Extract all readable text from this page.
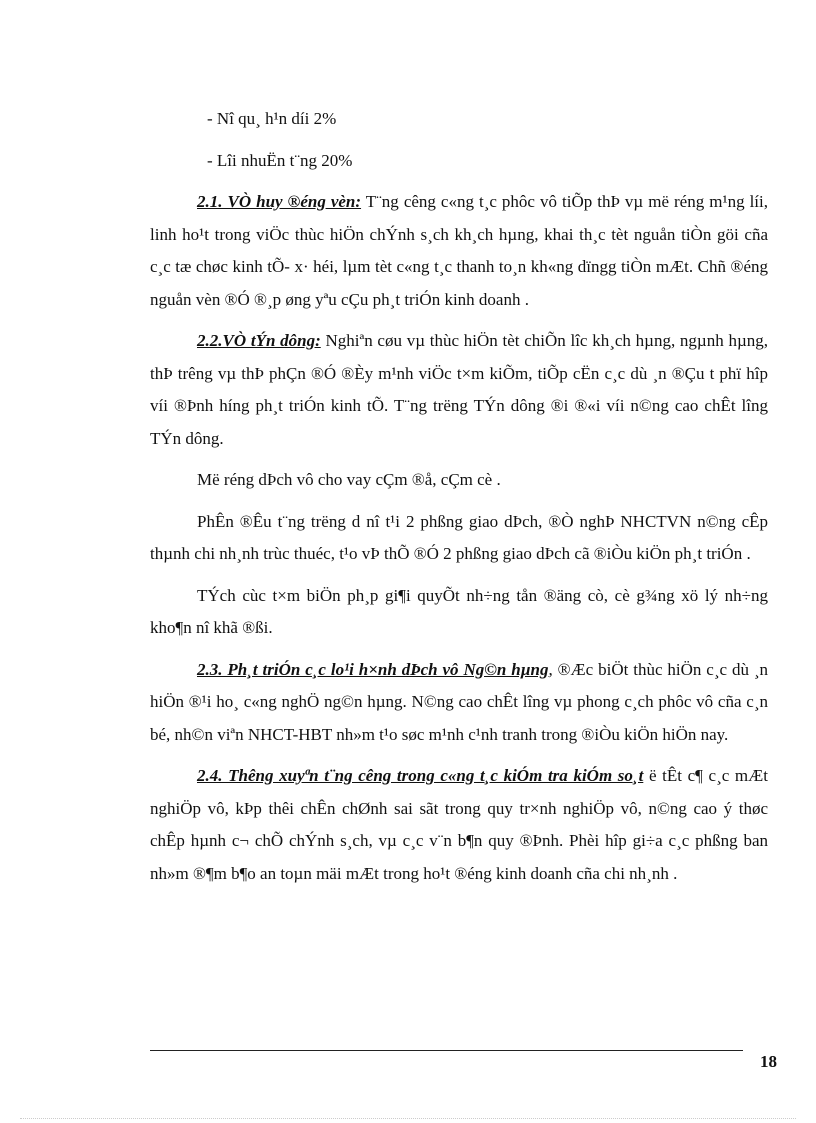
- Nî qu¸ h¹n díi 2%

- Lîi nhuËn t¨ng 20%

2.1. VÒ huy ®éng vèn: T¨ng cêng c«ng t¸c phôc vô tiÕp thÞ vµ më réng m¹ng líi, linh ho¹t trong viÖc thùc hiÖn chÝnh s¸ch kh¸ch hµng, khai th¸c tèt nguån tiÒn göi cña c¸c tæ chøc kinh tÕ- x· héi, lµm tèt c«ng t¸c thanh to¸n kh«ng dïngg tiÒn mÆt. Chñ ®éng nguån vèn ®Ó ®¸p øng yªu cÇu ph¸t triÓn kinh doanh .

2.2.VÒ tÝn dông: Nghiªn cøu vµ thùc hiÖn tèt chiÕn lîc kh¸ch hµng, ngµnh hµng, thÞ trêng vµ thÞ phÇn ®Ó ®Èy m¹nh viÖc t×m kiÕm, tiÕp cËn c¸c dù ¸n ®Çu t phï hîp víi ®Þnh híng ph¸t triÓn kinh tÕ. T¨ng trëng TÝn dông ®i ®«i víi n©ng cao chÊt lîng TÝn dông.

Më réng dÞch vô cho vay cÇm ®å, cÇm cè .

PhÊn ®Êu t¨ng trëng d nî t¹i 2 phßng giao dÞch, ®Ò nghÞ NHCTVN n©ng cÊp thµnh chi nh¸nh trùc thuéc, t¹o vÞ thÕ ®Ó 2 phßng giao dÞch cã ®iÒu kiÖn ph¸t triÓn .

TÝch cùc t×m biÖn ph¸p gi¶i quyÕt nh÷ng tån ®äng cò, cè g¾ng xö lý nh÷ng kho¶n nî khã ®ßi.

2.3. Ph¸t triÓn c¸c lo¹i h×nh dÞch vô Ng©n hµng, ®Æc biÖt thùc hiÖn c¸c dù ¸n hiÖn ®¹i ho¸ c«ng nghÖ ng©n hµng. N©ng cao chÊt lîng vµ phong c¸ch phôc vô cña c¸n bé, nh©n viªn NHCT-HBT nh»m t¹o søc m¹nh c¹nh tranh trong ®iÒu kiÖn hiÖn nay.

2.4. Thêng xuyªn t¨ng cêng trong c«ng t¸c kiÓm tra kiÓm so¸t ë tÊt c¶ c¸c mÆt nghiÖp vô, kÞp thêi chÊn chØnh sai sãt trong quy tr×nh nghiÖp vô, n©ng cao ý thøc chÊp hµnh c¬ chÕ chÝnh s¸ch, vµ c¸c v¨n b¶n quy ®Þnh. Phèi hîp gi÷a c¸c phßng ban nh»m ®¶m b¶o an toµn mäi mÆt trong ho¹t ®éng kinh doanh cña chi nh¸nh .

18
